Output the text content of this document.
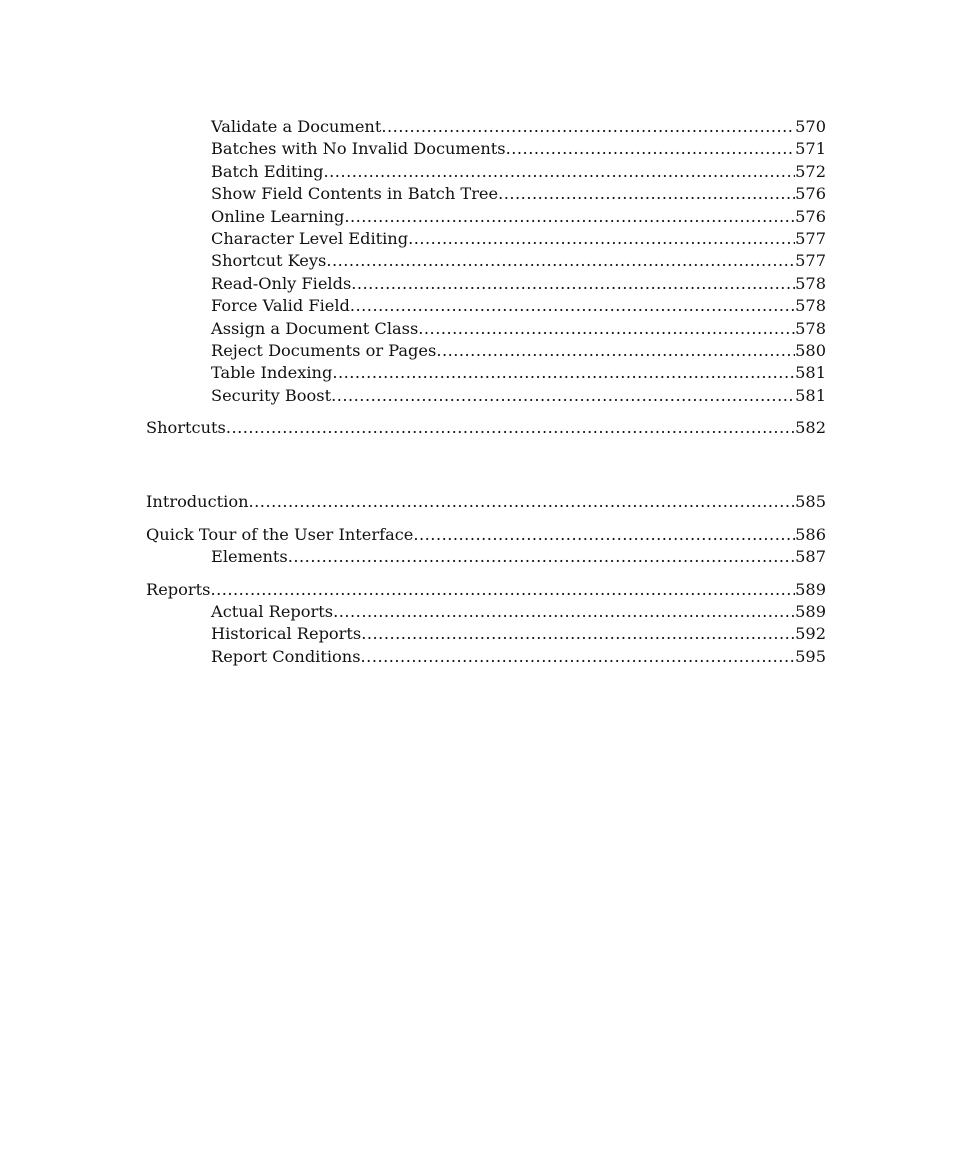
Validate a Document .....	570
Batches with No Invalid Documents .....	571
Batch Editing .....	572
Show Field Contents in Batch Tree .....	576
Online Learning .....	576
Character Level Editing .....	577
Shortcut Keys .....	577
Read-Only Fields .....	578
Force Valid Field .....	578
Assign a Document Class .....	578
Reject Documents or Pages .....	580
Table Indexing .....	581
Security Boost .....	581
Shortcuts .....	582
Introduction .....	585
Quick Tour of the User Interface .....	586
Elements .....	587
Reports .....	589
Actual Reports .....	589
Historical Reports .....	592
Report Conditions .....	595
